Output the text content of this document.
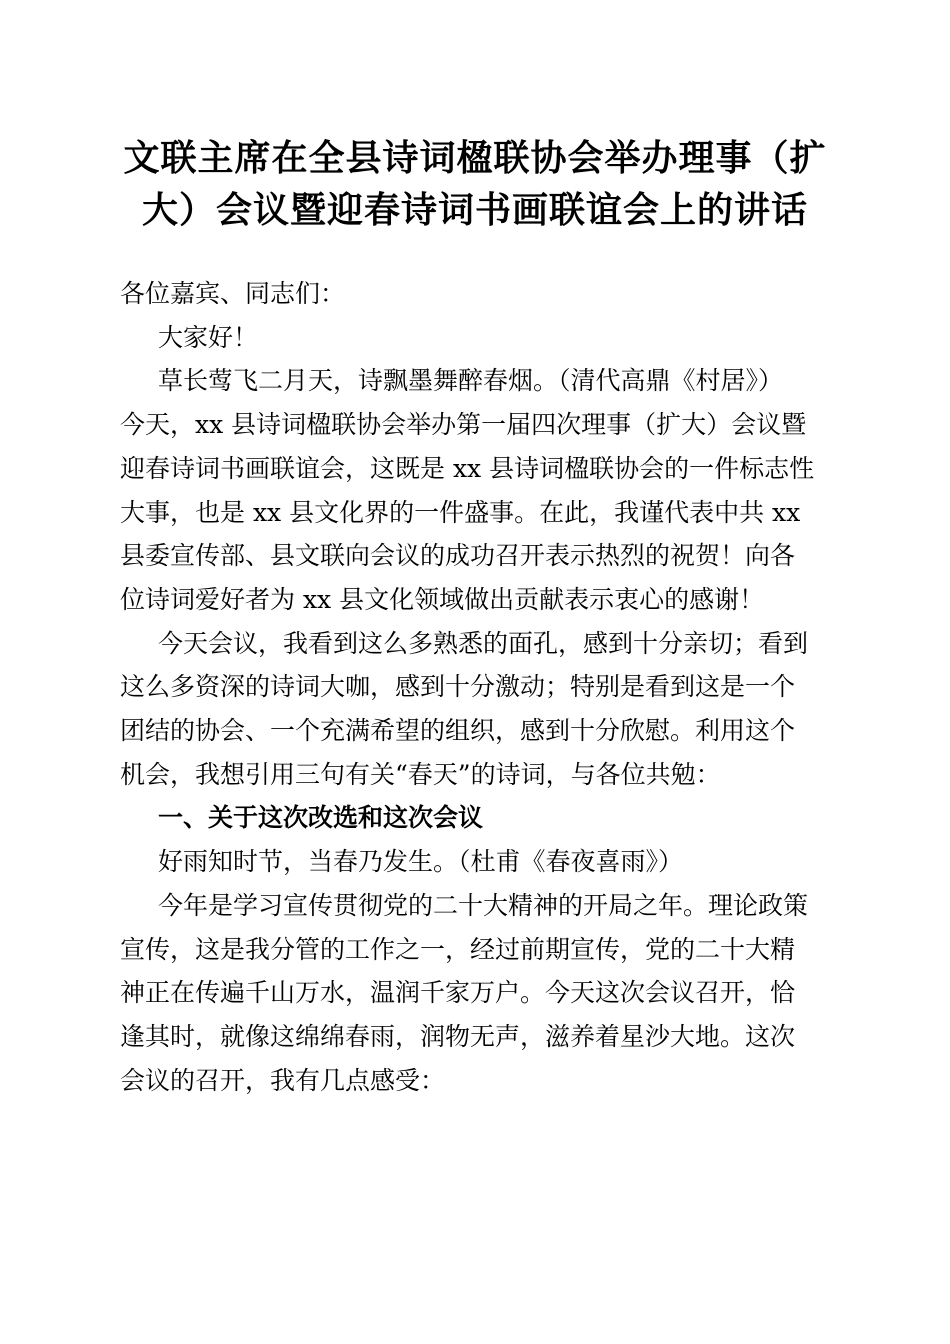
文联主席在全县诗词楹联协会举办理事（扩
大）会议暨迎春诗词书画联谊会上的讲话

各位嘉宾、同志们：

大家好！

草长莺飞二月天，诗飘墨舞醉春烟。（清代高鼎《村居》）

今天，xx 县诗词楹联协会举办第一届四次理事（扩大）会议暨

迎春诗词书画联谊会，这既是 xx 县诗词楹联协会的一件标志性

大事，也是 xx 县文化界的一件盛事。在此，我谨代表中共 xx

县委宣传部、县文联向会议的成功召开表示热烈的祝贺！向各

位诗词爱好者为 xx 县文化领域做出贡献表示衷心的感谢！

今天会议，我看到这么多熟悉的面孔，感到十分亲切；看到

这么多资深的诗词大咖，感到十分激动；特别是看到这是一个

团结的协会、一个充满希望的组织，感到十分欣慰。利用这个

机会，我想引用三句有关“春天”的诗词，与各位共勉：

一、关于这次改选和这次会议

好雨知时节，当春乃发生。（杜甫《春夜喜雨》）

今年是学习宣传贯彻党的二十大精神的开局之年。理论政策

宣传，这是我分管的工作之一，经过前期宣传，党的二十大精

神正在传遍千山万水，温润千家万户。今天这次会议召开，恰

逢其时，就像这绵绵春雨，润物无声，滋养着星沙大地。这次

会议的召开，我有几点感受：
